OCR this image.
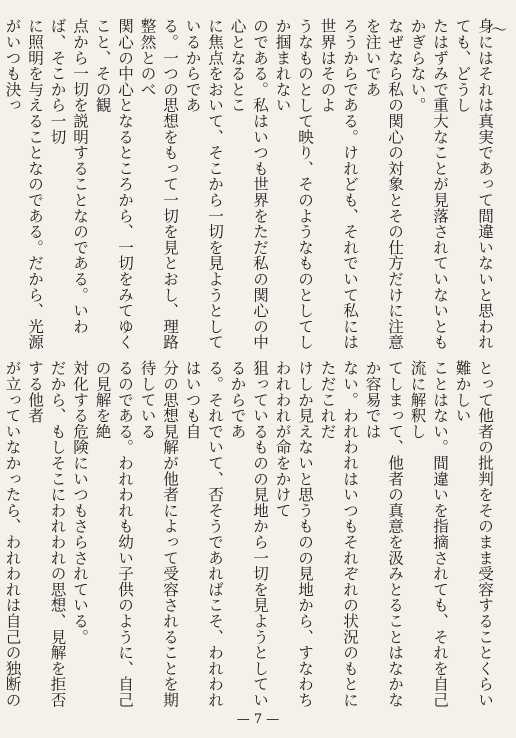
〜
身にはそれは真実であって間違いないと思われても、どうし
たはずみで重大なことが見落されていないともかぎらない。
なぜなら私の関心の対象とその仕方だけに注意を注いであ
ろうからである。けれども、それでいて私には世界はそのよ
うなものとして映り、そのようなものとしてしか掴まれない
のである。私はいつも世界をただ私の関心の中心となるとこ
に焦点をおいて、そこから一切を見ようとしているからであ
る。一つの思想をもって一切を見とおし、理路整然とのべ
関心の中心となるところから、一切をみてゆくこと、その観
点から一切を説明することなのである。いわば、そこから一切
に照明を与えることなのである。だから、光源がいつも決っ

とって他者の批判をそのまま受容することくらい難かしい
ことはない。間違いを指摘されても、それを自己流に解釈し
てしまって、他者の真意を汲みとることはなかなか容易では
ない。われわれはいつもそれぞれの状況のもとにただこれだ
けしか見えないと思うものの見地から、すなわちわれわれが命をかけて
狙っているものの見地から一切を見ようとしているからであ
る。それでいて、否そうであればこそ、われわれはいつも自
分の思想見解が他者によって受容されることを期待している
るのである。われわれも幼い子供のように、自己の見解を絶
対化する危険にいつもさらされている。
だから、もしそこにわれわれの思想、見解を拒否する他者
が立っていなかったら、われわれは自己の独断の

— 7 —
